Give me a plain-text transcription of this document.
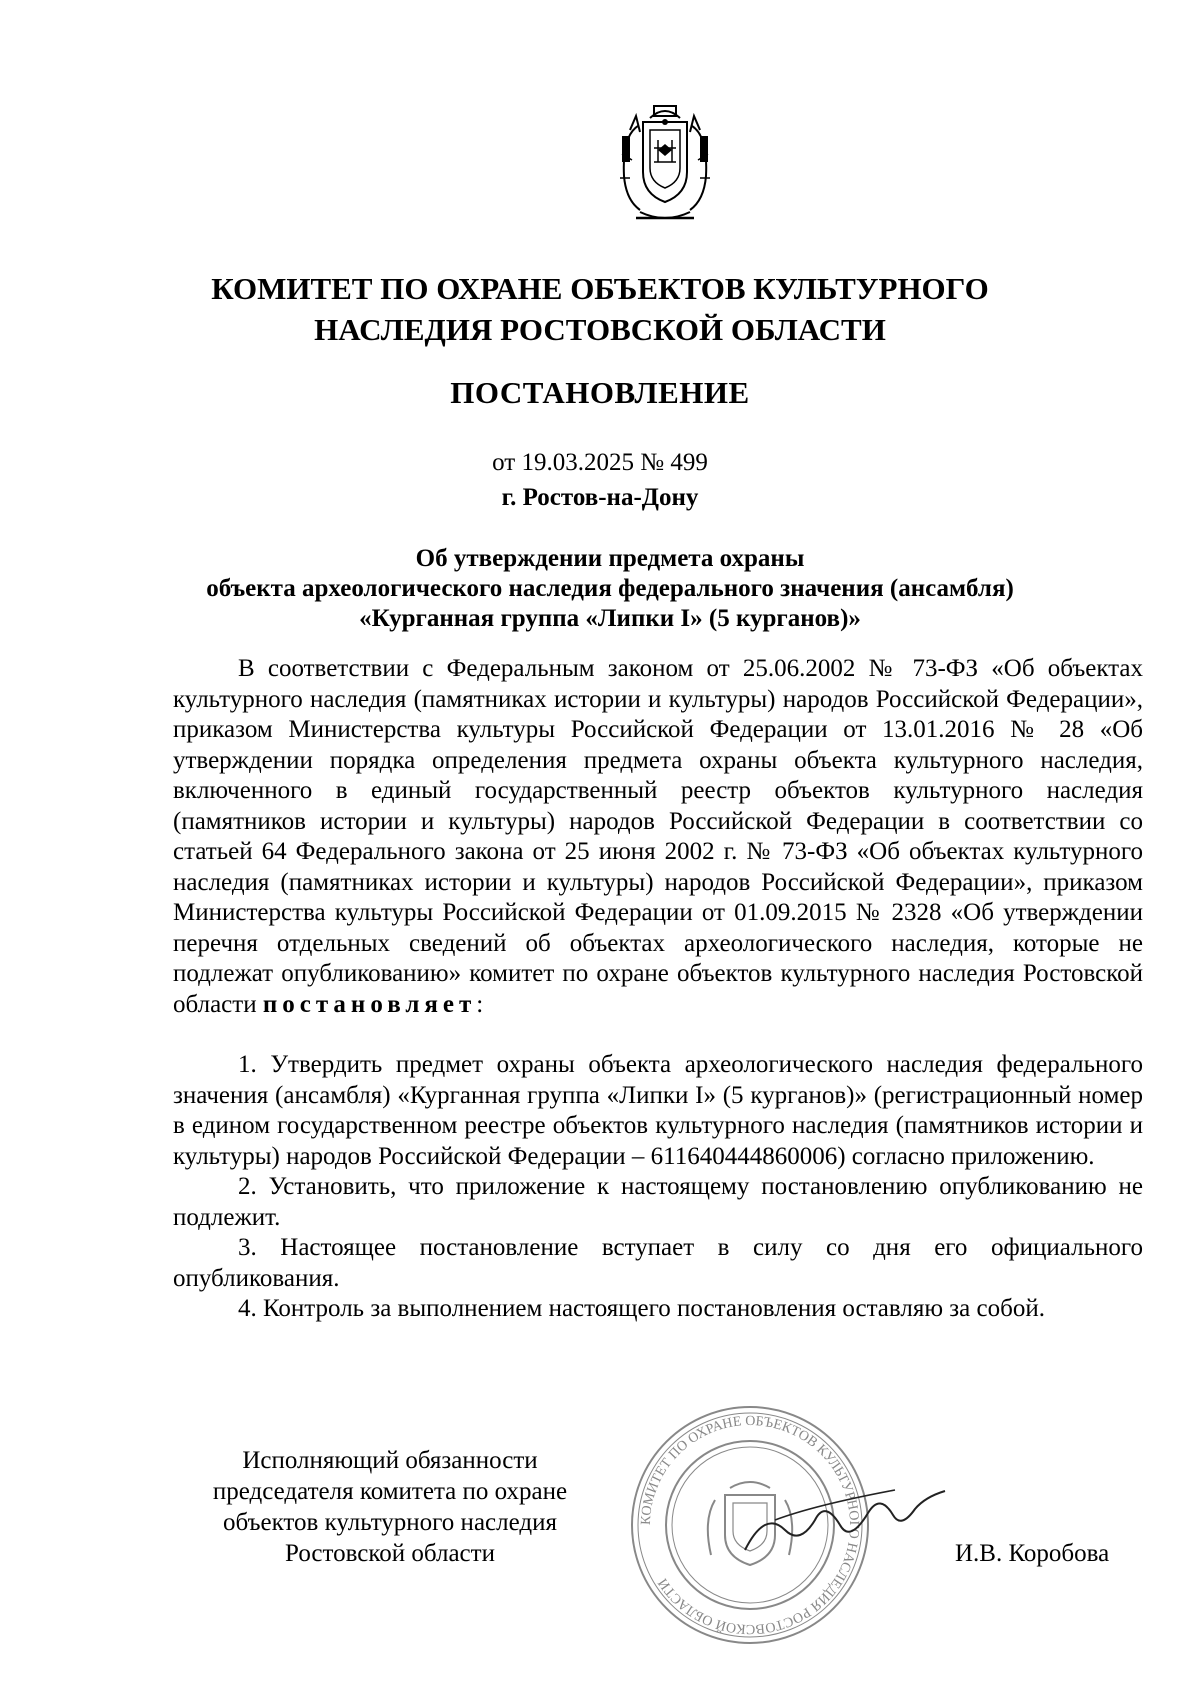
КОМИТЕТ ПО ОХРАНЕ ОБЪЕКТОВ КУЛЬТУРНОГО
НАСЛЕДИЯ РОСТОВСКОЙ ОБЛАСТИ
ПОСТАНОВЛЕНИЕ
от 19.03.2025 № 499
г. Ростов-на-Дону
Об утверждении предмета охраны
объекта археологического наследия федерального значения (ансамбля)
«Курганная группа «Липки I» (5 курганов)»

В соответствии с Федеральным законом от 25.06.2002 № 73-ФЗ «Об объектах культурного наследия (памятниках истории и культуры) народов Российской Федерации», приказом Министерства культуры Российской Федерации от 13.01.2016 № 28 «Об утверждении порядка определения предмета охраны объекта культурного наследия, включенного в единый государственный реестр объектов культурного наследия (памятников истории и культуры) народов Российской Федерации в соответствии со статьей 64 Федерального закона от 25 июня 2002 г. № 73-ФЗ «Об объектах культурного наследия (памятниках истории и культуры) народов Российской Федерации», приказом Министерства культуры Российской Федерации от 01.09.2015 № 2328 «Об утверждении перечня отдельных сведений об объектах археологического наследия, которые не подлежат опубликованию» комитет по охране объектов культурного наследия Ростовской области постановляет:

1. Утвердить предмет охраны объекта археологического наследия федерального значения (ансамбля) «Курганная группа «Липки I» (5 курганов)» (регистрационный номер в едином государственном реестре объектов культурного наследия (памятников истории и культуры) народов Российской Федерации – 611640444860006) согласно приложению.

2. Установить, что приложение к настоящему постановлению опубликованию не подлежит.

3. Настоящее постановление вступает в силу со дня его официального опубликования.

4. Контроль за выполнением настоящего постановления оставляю за собой.

Исполняющий обязанности
председателя комитета по охране
объектов культурного наследия
Ростовской области
КОМИТЕТ ПО ОХРАНЕ ОБЪЕКТОВ КУЛЬТУРНОГО НАСЛЕДИЯ РОСТОВСКОЙ ОБЛАСТИ
И.В. Коробова
